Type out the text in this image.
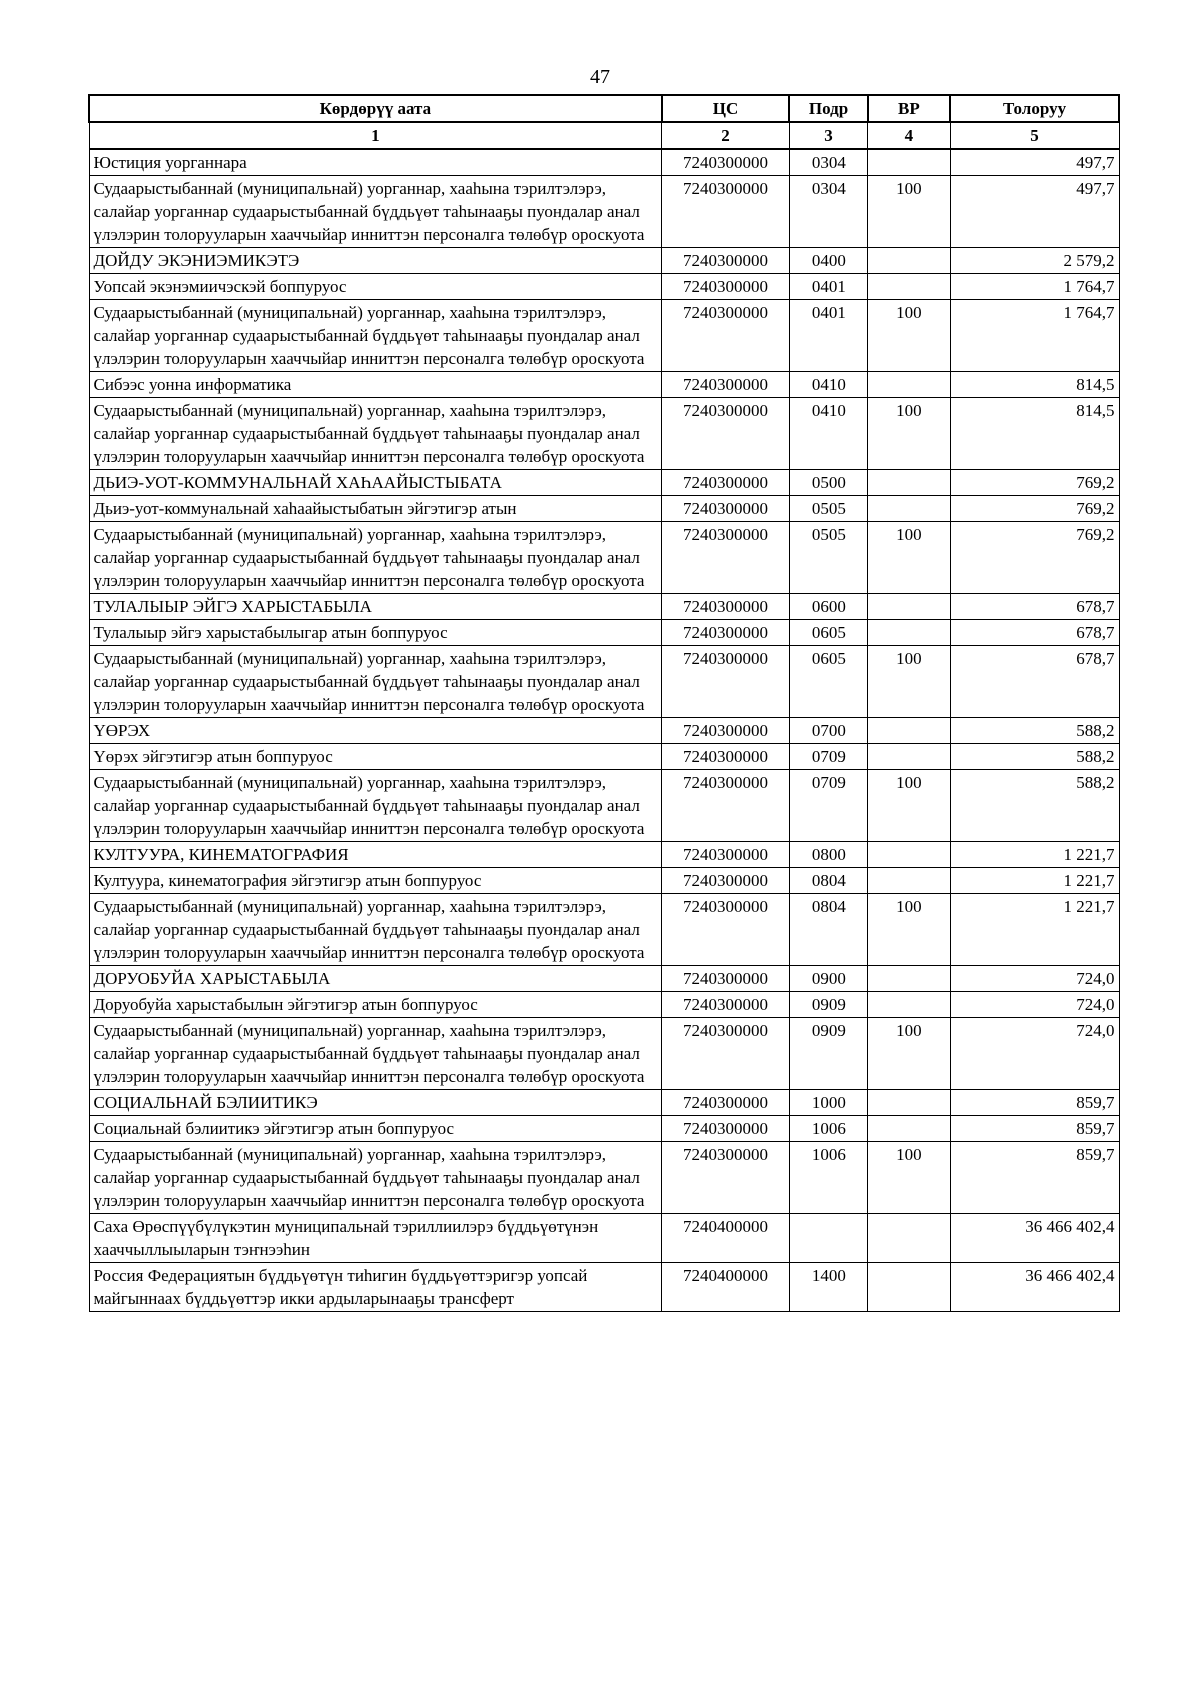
47
Көрдөрүү аата	ЦС	Подр	ВР	Толоруу
1	2	3	4	5
Юстиция уорганнара	7240300000	0304		497,7
Судаарыстыбаннай (муниципальнай) уорганнар, хааһына тэрилтэлэрэ, салайар уорганнар судаарыстыбаннай бүддьүөт таһынааҕы пуондалар анал үлэлэрин толорууларын хааччыйар инниттэн персоналга төлөбүр ороскуота	7240300000	0304	100	497,7
ДОЙДУ ЭКЭНИЭМИКЭТЭ	7240300000	0400		2 579,2
Уопсай экэнэмиичэскэй боппуруос	7240300000	0401		1 764,7
Судаарыстыбаннай (муниципальнай) уорганнар, хааһына тэрилтэлэрэ, салайар уорганнар судаарыстыбаннай бүддьүөт таһынааҕы пуондалар анал үлэлэрин толорууларын хааччыйар инниттэн персоналга төлөбүр ороскуота	7240300000	0401	100	1 764,7
Сибээс уонна информатика	7240300000	0410		814,5
Судаарыстыбаннай (муниципальнай) уорганнар, хааһына тэрилтэлэрэ, салайар уорганнар судаарыстыбаннай бүддьүөт таһынааҕы пуондалар анал үлэлэрин толорууларын хааччыйар инниттэн персоналга төлөбүр ороскуота	7240300000	0410	100	814,5
ДЬИЭ-УОТ-КОММУНАЛЬНАЙ ХАҺААЙЫСТЫБАТА	7240300000	0500		769,2
Дьиэ-уот-коммунальнай хаһаайыстыбатын эйгэтигэр атын	7240300000	0505		769,2
Судаарыстыбаннай (муниципальнай) уорганнар, хааһына тэрилтэлэрэ, салайар уорганнар судаарыстыбаннай бүддьүөт таһынааҕы пуондалар анал үлэлэрин толорууларын хааччыйар инниттэн персоналга төлөбүр ороскуота	7240300000	0505	100	769,2
ТУЛАЛЫЫР ЭЙГЭ ХАРЫСТАБЫЛА	7240300000	0600		678,7
Тулалыыр эйгэ харыстабылыгар атын боппуруос	7240300000	0605		678,7
Судаарыстыбаннай (муниципальнай) уорганнар, хааһына тэрилтэлэрэ, салайар уорганнар судаарыстыбаннай бүддьүөт таһынааҕы пуондалар анал үлэлэрин толорууларын хааччыйар инниттэн персоналга төлөбүр ороскуота	7240300000	0605	100	678,7
ҮӨРЭХ	7240300000	0700		588,2
Үөрэх эйгэтигэр атын боппуруос	7240300000	0709		588,2
Судаарыстыбаннай (муниципальнай) уорганнар, хааһына тэрилтэлэрэ, салайар уорганнар судаарыстыбаннай бүддьүөт таһынааҕы пуондалар анал үлэлэрин толорууларын хааччыйар инниттэн персоналга төлөбүр ороскуота	7240300000	0709	100	588,2
КУЛТУУРА, КИНЕМАТОГРАФИЯ	7240300000	0800		1 221,7
Култуура, кинематография эйгэтигэр атын боппуруос	7240300000	0804		1 221,7
Судаарыстыбаннай (муниципальнай) уорганнар, хааһына тэрилтэлэрэ, салайар уорганнар судаарыстыбаннай бүддьүөт таһынааҕы пуондалар анал үлэлэрин толорууларын хааччыйар инниттэн персоналга төлөбүр ороскуота	7240300000	0804	100	1 221,7
ДОРУОБУЙА ХАРЫСТАБЫЛА	7240300000	0900		724,0
Доруобуйа харыстабылын эйгэтигэр атын боппуруос	7240300000	0909		724,0
Судаарыстыбаннай (муниципальнай) уорганнар, хааһына тэрилтэлэрэ, салайар уорганнар судаарыстыбаннай бүддьүөт таһынааҕы пуондалар анал үлэлэрин толорууларын хааччыйар инниттэн персоналга төлөбүр ороскуота	7240300000	0909	100	724,0
СОЦИАЛЬНАЙ БЭЛИИТИКЭ	7240300000	1000		859,7
Социальнай бэлиитикэ эйгэтигэр атын боппуруос	7240300000	1006		859,7
Судаарыстыбаннай (муниципальнай) уорганнар, хааһына тэрилтэлэрэ, салайар уорганнар судаарыстыбаннай бүддьүөт таһынааҕы пуондалар анал үлэлэрин толорууларын хааччыйар инниттэн персоналга төлөбүр ороскуота	7240300000	1006	100	859,7
Саха Өрөспүүбүлүкэтин муниципальнай тэриллиилэрэ бүддьүөтүнэн хааччыллыыларын тэҥнээһин	7240400000			36 466 402,4
Россия Федерациятын бүддьүөтүн тиһигин бүддьүөттэригэр уопсай майгыннаах бүддьүөттэр икки ардыларынааҕы трансферт	7240400000	1400		36 466 402,4
